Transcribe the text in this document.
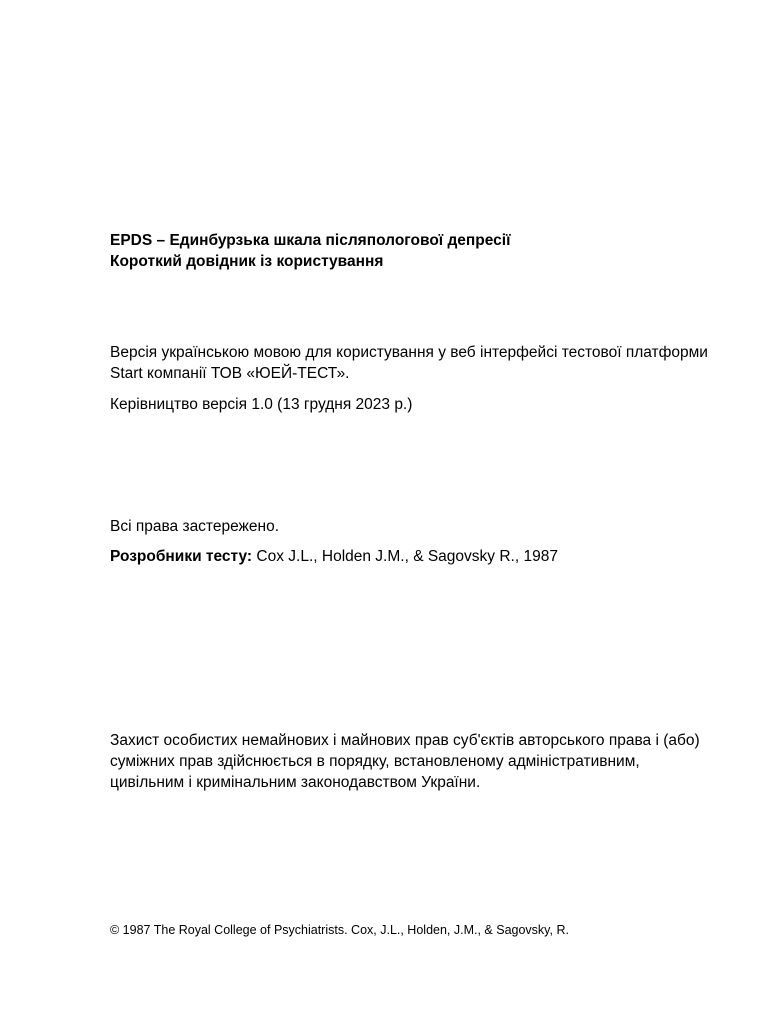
EPDS – Единбурзька шкала післяпологової депресії
Короткий довідник із користування
Версія українською мовою для користування у веб інтерфейсі тестової платформи Start компанії ТОВ «ЮЕЙ-ТЕСТ».
Керівництво версія 1.0 (13 грудня 2023 р.)
Всі права застережено.
Розробники тесту: Cox J.L., Holden J.M., & Sagovsky R., 1987
Захист особистих немайнових і майнових прав суб'єктів авторського права і (або) суміжних прав здійснюється в порядку, встановленому адміністративним, цивільним і кримінальним законодавством України.
© 1987 The Royal College of Psychiatrists. Cox, J.L., Holden, J.M., & Sagovsky, R.
